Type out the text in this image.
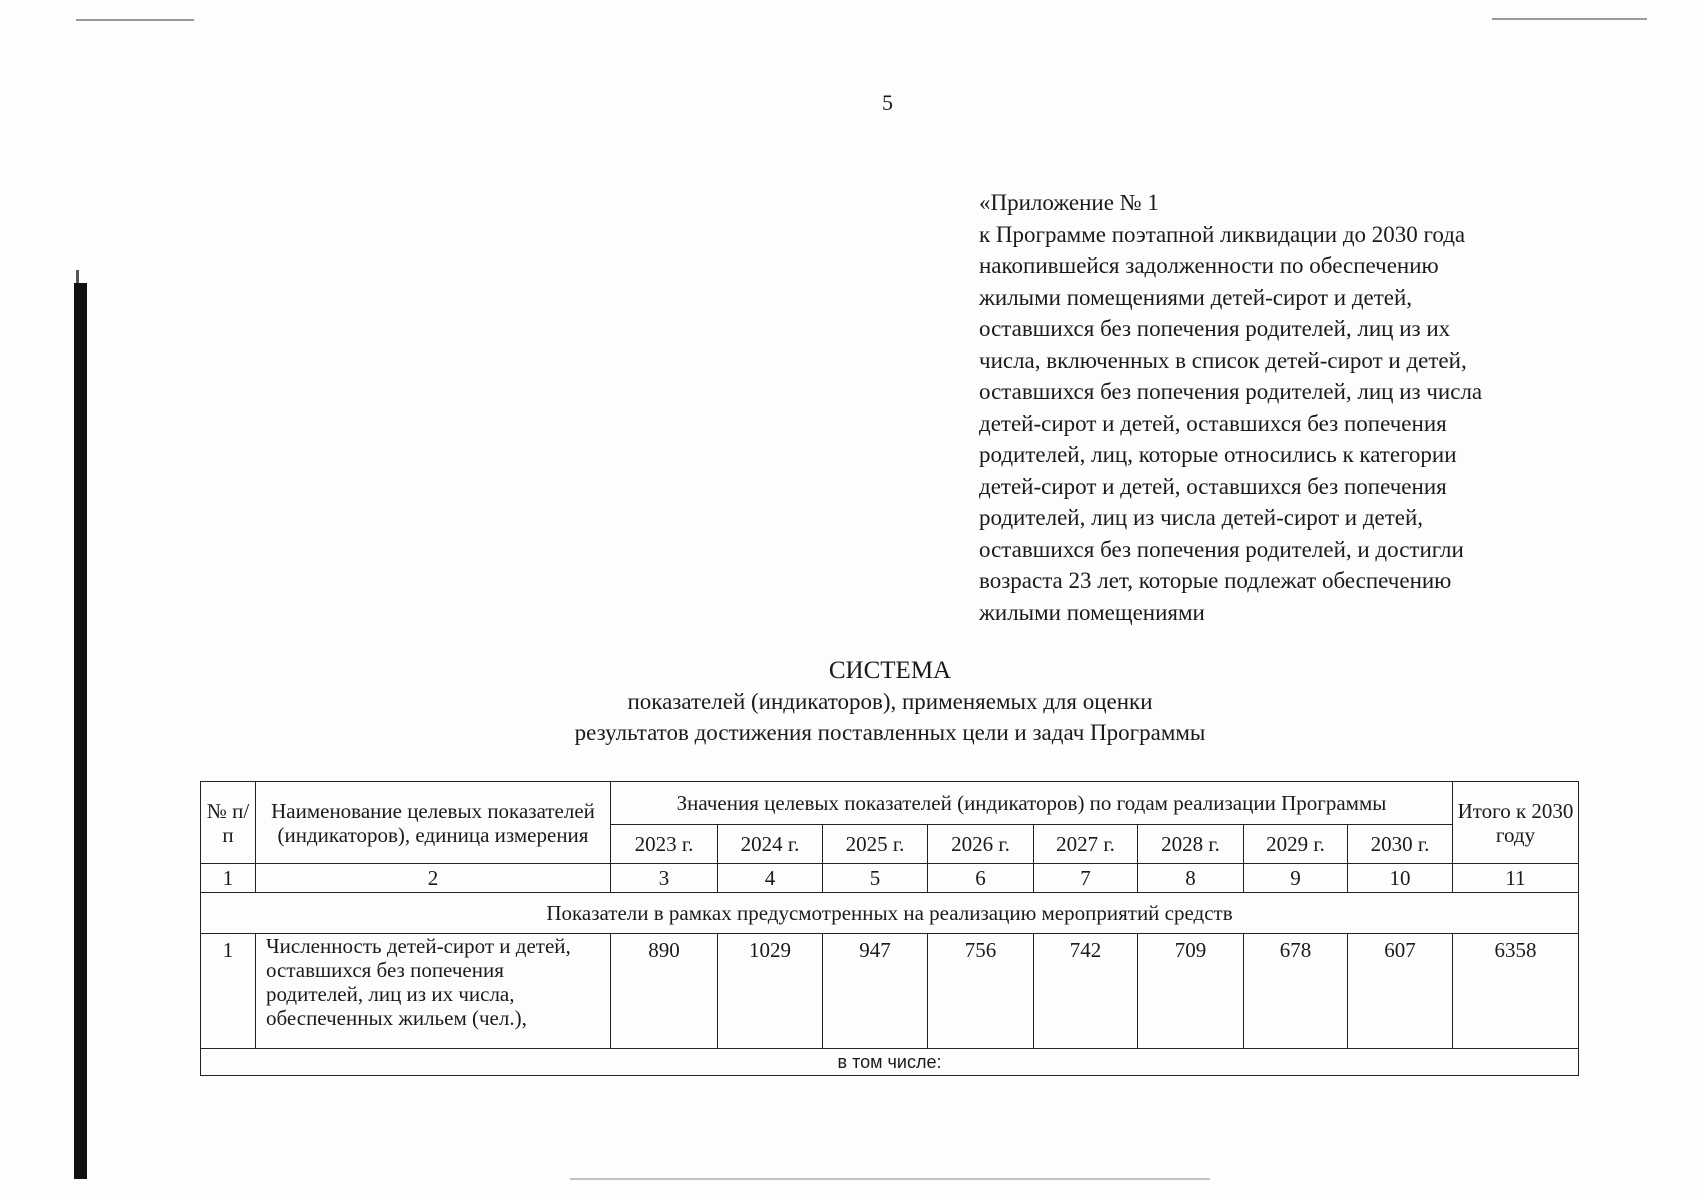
5
«Приложение № 1
к Программе поэтапной ликвидации до 2030 года
накопившейся задолженности по обеспечению
жилыми помещениями детей-сирот и детей,
оставшихся без попечения родителей, лиц из их
числа, включенных в список детей-сирот и детей,
оставшихся без попечения родителей, лиц из числа
детей-сирот и детей, оставшихся без попечения
родителей, лиц, которые относились к категории
детей-сирот и детей, оставшихся без попечения
родителей, лиц из числа детей-сирот и детей,
оставшихся без попечения родителей, и достигли
возраста 23 лет, которые подлежат обеспечению
жилыми помещениями
СИСТЕМА
показателей (индикаторов), применяемых для оценки
результатов достижения поставленных цели и задач Программы
№ п/п	Наименование целевых показателей (индикаторов), единица измерения	Значения целевых показателей (индикаторов) по годам реализации Программы								Итого к 2030 году
		2023 г.	2024 г.	2025 г.	2026 г.	2027 г.	2028 г.	2029 г.	2030 г.	
1	2	3	4	5	6	7	8	9	10	11
Показатели в рамках предусмотренных на реализацию мероприятий средств										
1	Численность детей-сирот и детей, оставшихся без попечения родителей, лиц из их числа, обеспеченных жильем (чел.),	890	1029	947	756	742	709	678	607	6358
в том числе:										
